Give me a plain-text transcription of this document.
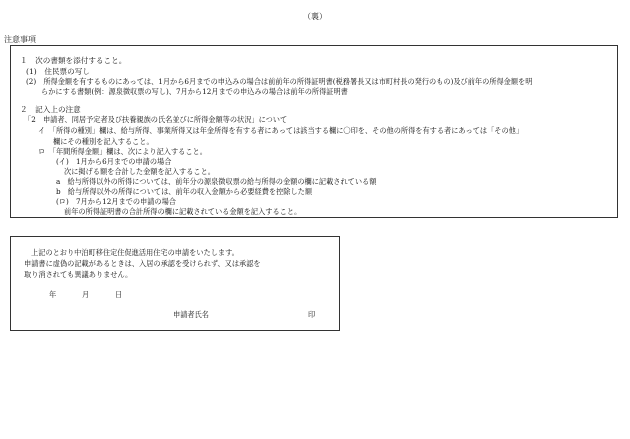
（裏）
注意事項
１　次の書類を添付すること。
(1)　住民票の写し
(2)　所得金額を有するものにあっては、1月から6月までの申込みの場合は前前年の所得証明書(税務署長又は市町村長の発行のもの)及び前年の所得金額を明
らかにする書類(例：源泉徴収票の写し)、7月から12月までの申込みの場合は前年の所得証明書
２　記入上の注意
「2　申請者、同居予定者及び扶養親族の氏名並びに所得金額等の状況」について
イ　「所得の種別」欄は、給与所得、事業所得又は年金所得を有する者にあっては該当する欄に〇印を、その他の所得を有する者にあっては「その他」
欄にその種別を記入すること。
ロ　「年間所得金額」欄は、次により記入すること。
(イ)　1月から6月までの申請の場合
次に掲げる額を合計した金額を記入すること。
a　給与所得以外の所得については、前年分の源泉徴収票の給与所得の金額の欄に記載されている額
b　給与所得以外の所得については、前年の収入金額から必要経費を控除した額
(ロ)　7月から12月までの申請の場合
前年の所得証明書の合計所得の欄に記載されている金額を記入すること。
上記のとおり中泊町移住定住促進活用住宅の申請をいたします。
申請書に虚偽の記載があるときは、入居の承認を受けられず、又は承認を
取り消されても異議ありません。
年	月	日
申請者氏名	印
